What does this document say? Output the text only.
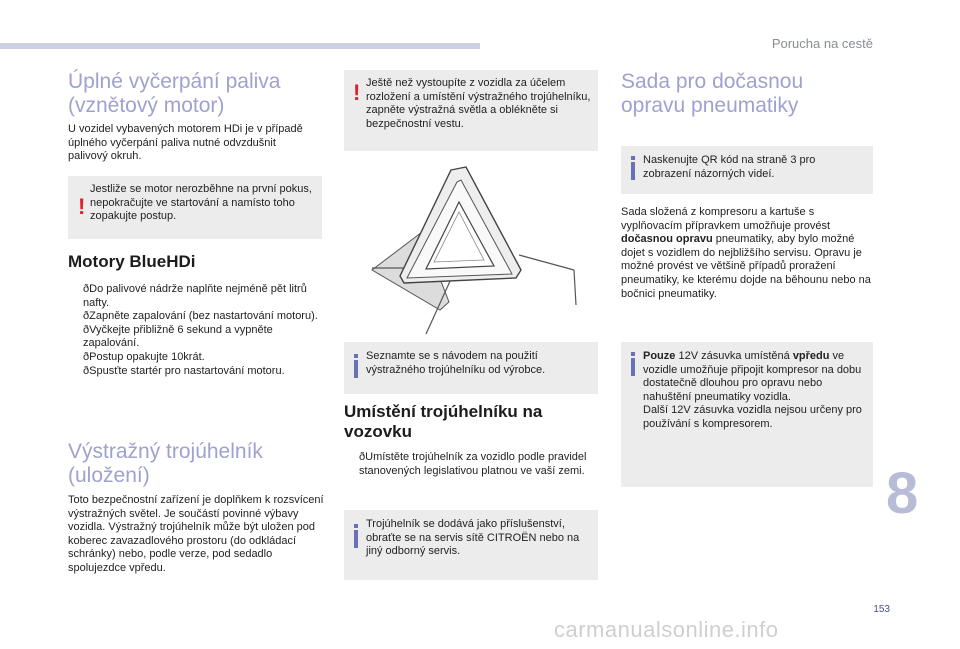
Porucha na cestě
Úplné vyčerpání paliva (vznětový motor)

U vozidel vybavených motorem HDi je v případě úplného vyčerpání paliva nutné odvzdušnit palivový okruh.

!
Jestliže se motor nerozběhne na první pokus, nepokračujte ve startování a namísto toho zopakujte postup.
Motory BlueHDi
ð Do palivové nádrže naplňte nejméně pět litrů nafty.
ð Zapněte zapalování (bez nastartování motoru).
ð Vyčkejte přibližně 6 sekund a vypněte zapalování.
ð Postup opakujte 10krát.
ð Spusťte startér pro nastartování motoru.
Výstražný trojúhelník (uložení)

Toto bezpečnostní zařízení je doplňkem k rozsvícení výstražných světel. Je součástí povinné výbavy vozidla. Výstražný trojúhelník může být uložen pod koberec zavazadlového prostoru (do odkládací schránky) nebo, podle verze, pod sedadlo spolujezdce vpředu.

! Ještě než vystoupíte z vozidla za účelem rozložení a umístění výstražného trojúhelníku, zapněte výstražná světla a oblékněte si bezpečnostní vestu.
Seznamte se s návodem na použití výstražného trojúhelníku od výrobce.
Umístění trojúhelníku na vozovku
ð Umístěte trojúhelník za vozidlo podle pravidel stanovených legislativou platnou ve vaší zemi.
Trojúhelník se dodává jako příslušenství, obraťte se na servis sítě CITROËN nebo na jiný odborný servis.
Sada pro dočasnou opravu pneumatiky
Naskenujte QR kód na straně 3 pro zobrazení názorných videí.

Sada složená z kompresoru a kartuše s vyplňovacím přípravkem umožňuje provést dočasnou opravu pneumatiky, aby bylo možné dojet s vozidlem do nejbližšího servisu. Opravu je možné provést ve většině případů proražení pneumatiky, ke kterému dojde na běhounu nebo na bočnici pneumatiky.

Pouze 12V zásuvka umístěná vpředu ve vozidle umožňuje připojit kompresor na dobu dostatečně dlouhou pro opravu nebo nahuštění pneumatiky vozidla.
Další 12V zásuvka vozidla nejsou určeny pro používání s kompresorem.
8
153
carmanualsonline.info
